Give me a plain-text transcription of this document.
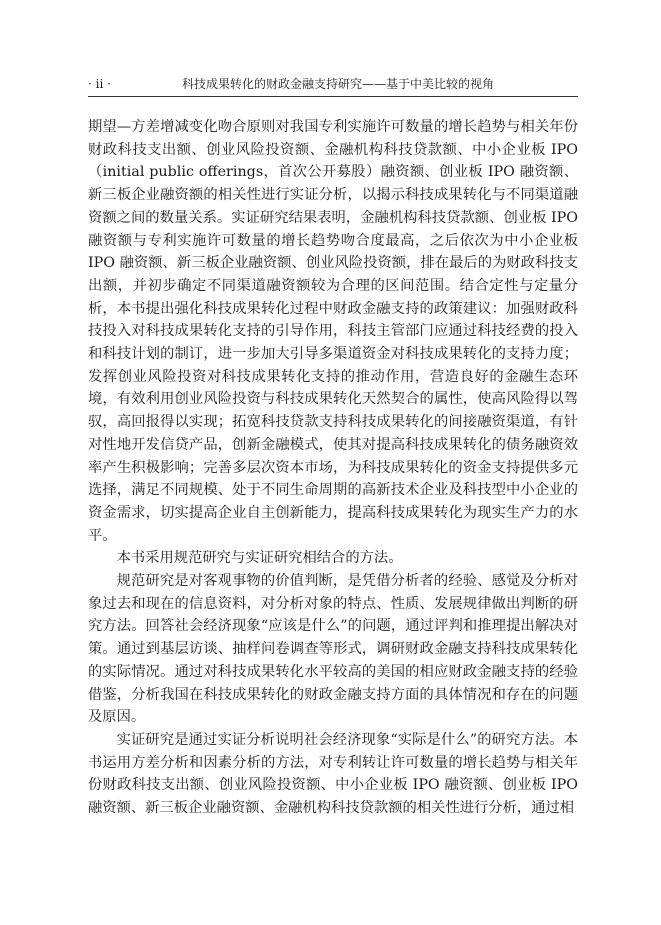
· ii ·	科技成果转化的财政金融支持研究——基于中美比较的视角

期望—方差增减变化吻合原则对我国专利实施许可数量的增长趋势与相关年份财政科技支出额、创业风险投资额、金融机构科技贷款额、中小企业板 IPO（initial public offerings，首次公开募股）融资额、创业板 IPO 融资额、新三板企业融资额的相关性进行实证分析，以揭示科技成果转化与不同渠道融资额之间的数量关系。实证研究结果表明，金融机构科技贷款额、创业板 IPO 融资额与专利实施许可数量的增长趋势吻合度最高，之后依次为中小企业板 IPO 融资额、新三板企业融资额、创业风险投资额，排在最后的为财政科技支出额，并初步确定不同渠道融资额较为合理的区间范围。结合定性与定量分析，本书提出强化科技成果转化过程中财政金融支持的政策建议：加强财政科技投入对科技成果转化支持的引导作用，科技主管部门应通过科技经费的投入和科技计划的制订，进一步加大引导多渠道资金对科技成果转化的支持力度；发挥创业风险投资对科技成果转化支持的推动作用，营造良好的金融生态环境，有效利用创业风险投资与科技成果转化天然契合的属性，使高风险得以驾驭，高回报得以实现；拓宽科技贷款支持科技成果转化的间接融资渠道，有针对性地开发信贷产品，创新金融模式，使其对提高科技成果转化的债务融资效率产生积极影响；完善多层次资本市场，为科技成果转化的资金支持提供多元选择，满足不同规模、处于不同生命周期的高新技术企业及科技型中小企业的资金需求，切实提高企业自主创新能力，提高科技成果转化为现实生产力的水平。

本书采用规范研究与实证研究相结合的方法。

规范研究是对客观事物的价值判断，是凭借分析者的经验、感觉及分析对象过去和现在的信息资料，对分析对象的特点、性质、发展规律做出判断的研究方法。回答社会经济现象“应该是什么”的问题，通过评判和推理提出解决对策。通过到基层访谈、抽样问卷调查等形式，调研财政金融支持科技成果转化的实际情况。通过对科技成果转化水平较高的美国的相应财政金融支持的经验借鉴，分析我国在科技成果转化的财政金融支持方面的具体情况和存在的问题及原因。

实证研究是通过实证分析说明社会经济现象“实际是什么”的研究方法。本书运用方差分析和因素分析的方法，对专利转让许可数量的增长趋势与相关年份财政科技支出额、创业风险投资额、中小企业板 IPO 融资额、创业板 IPO 融资额、新三板企业融资额、金融机构科技贷款额的相关性进行分析，通过相
